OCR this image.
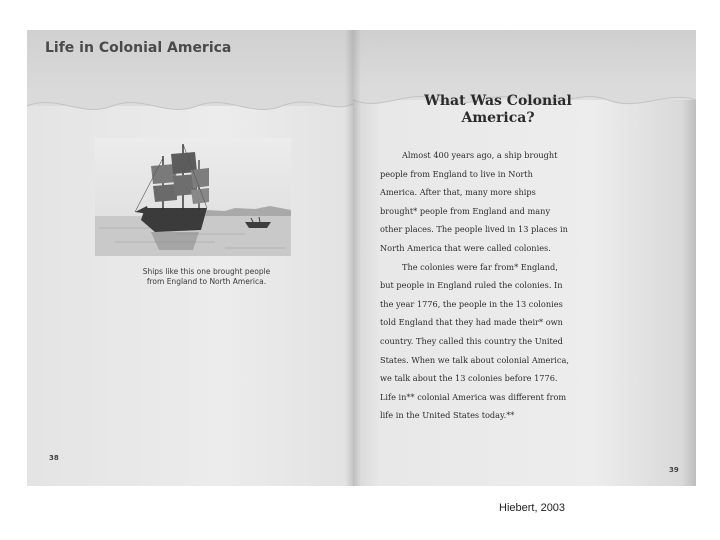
Life in Colonial America
Ships like this one brought people
from England to North America.
38
39
What Was Colonial
America?
Almost 400 years ago, a ship brought
people from England to live in North
America. After that, many more ships
brought* people from England and many
other places. The people lived in 13 places in
North America that were called colonies.
The colonies were far from* England,
but people in England ruled the colonies. In
the year 1776, the people in the 13 colonies
told England that they had made their* own
country. They called this country the United
States. When we talk about colonial America,
we talk about the 13 colonies before 1776.
Life in** colonial America was different from
life in the United States today.**
Hiebert, 2003
